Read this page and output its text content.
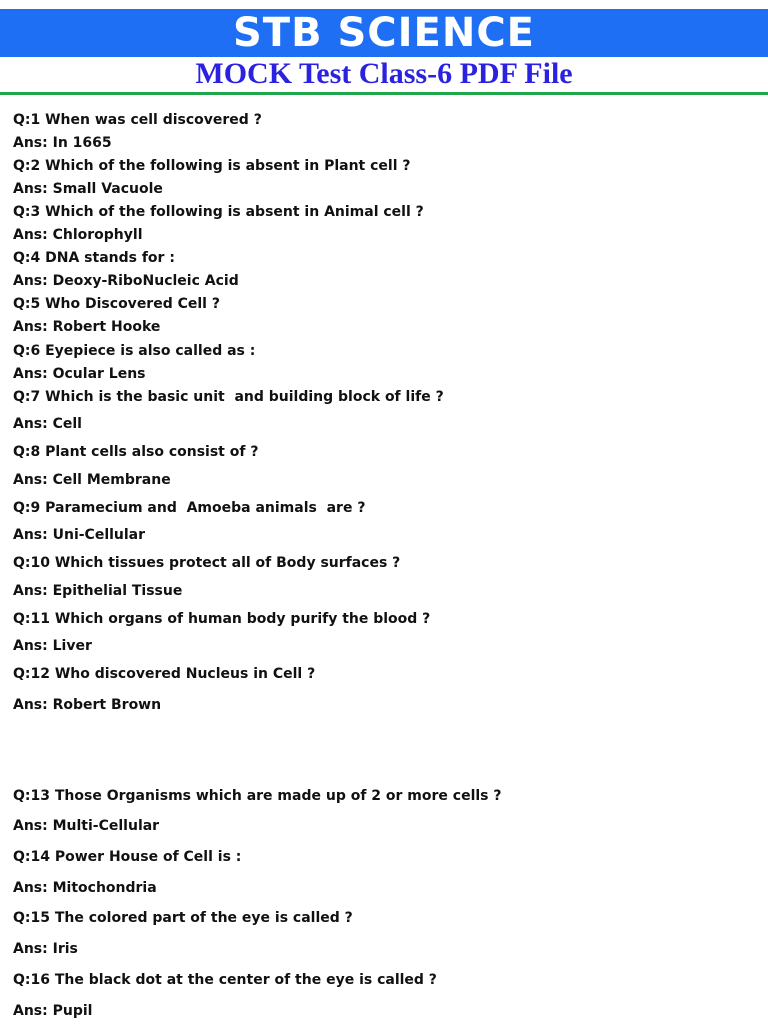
STB SCIENCE
MOCK Test Class-6 PDF File
Q:1 When was cell discovered ?
Ans: In 1665
Q:2 Which of the following is absent in Plant cell ?
Ans: Small Vacuole
Q:3 Which of the following is absent in Animal cell ?
Ans: Chlorophyll
Q:4 DNA stands for :
Ans: Deoxy-RiboNucleic Acid
Q:5 Who Discovered Cell ?
Ans: Robert Hooke
Q:6 Eyepiece is also called as :
Ans: Ocular Lens
Q:7 Which is the basic unit  and building block of life ?
Ans: Cell
Q:8 Plant cells also consist of ?
Ans: Cell Membrane
Q:9 Paramecium and  Amoeba animals  are ?
Ans: Uni-Cellular
Q:10 Which tissues protect all of Body surfaces ?
Ans: Epithelial Tissue
Q:11 Which organs of human body purify the blood ?
Ans: Liver
Q:12 Who discovered Nucleus in Cell ?
Ans: Robert Brown
Q:13 Those Organisms which are made up of 2 or more cells ?
Ans: Multi-Cellular
Q:14 Power House of Cell is :
Ans: Mitochondria
Q:15 The colored part of the eye is called ?
Ans: Iris
Q:16 The black dot at the center of the eye is called ?
Ans: Pupil
